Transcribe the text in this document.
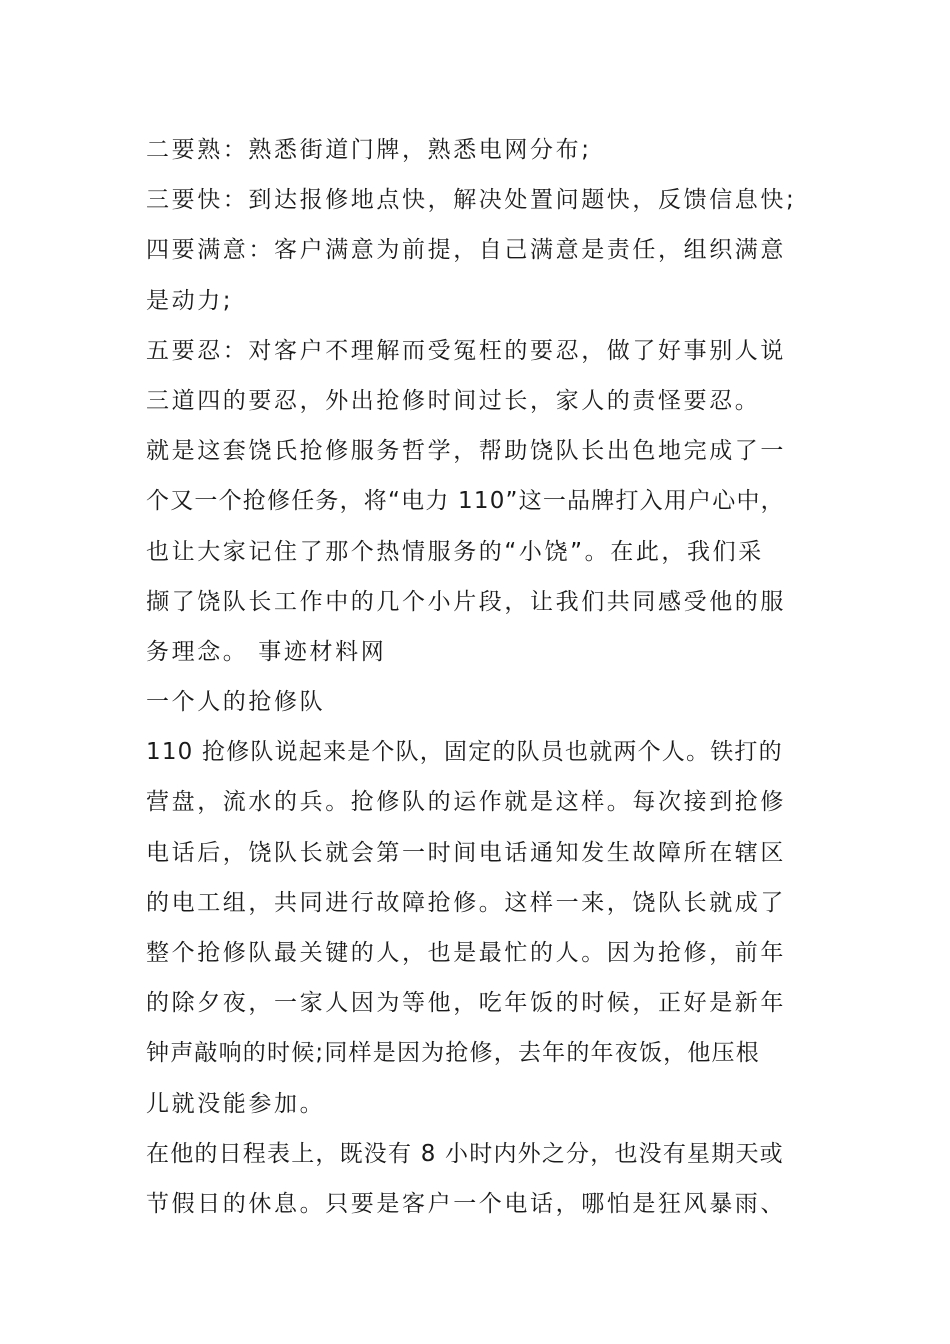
二要熟：熟悉街道门牌，熟悉电网分布;
三要快：到达报修地点快，解决处置问题快，反馈信息快;
四要满意：客户满意为前提，自己满意是责任，组织满意
是动力;
五要忍：对客户不理解而受冤枉的要忍，做了好事别人说
三道四的要忍，外出抢修时间过长，家人的责怪要忍。
就是这套饶氏抢修服务哲学，帮助饶队长出色地完成了一
个又一个抢修任务，将“电力 110”这一品牌打入用户心中，
也让大家记住了那个热情服务的“小饶”。在此，我们采
撷了饶队长工作中的几个小片段，让我们共同感受他的服
务理念。 事迹材料网
一个人的抢修队
110 抢修队说起来是个队，固定的队员也就两个人。铁打的
营盘，流水的兵。抢修队的运作就是这样。每次接到抢修
电话后，饶队长就会第一时间电话通知发生故障所在辖区
的电工组，共同进行故障抢修。这样一来，饶队长就成了
整个抢修队最关键的人，也是最忙的人。因为抢修，前年
的除夕夜，一家人因为等他，吃年饭的时候，正好是新年
钟声敲响的时候;同样是因为抢修，去年的年夜饭，他压根
儿就没能参加。
在他的日程表上，既没有 8 小时内外之分，也没有星期天或
节假日的休息。只要是客户一个电话，哪怕是狂风暴雨、
